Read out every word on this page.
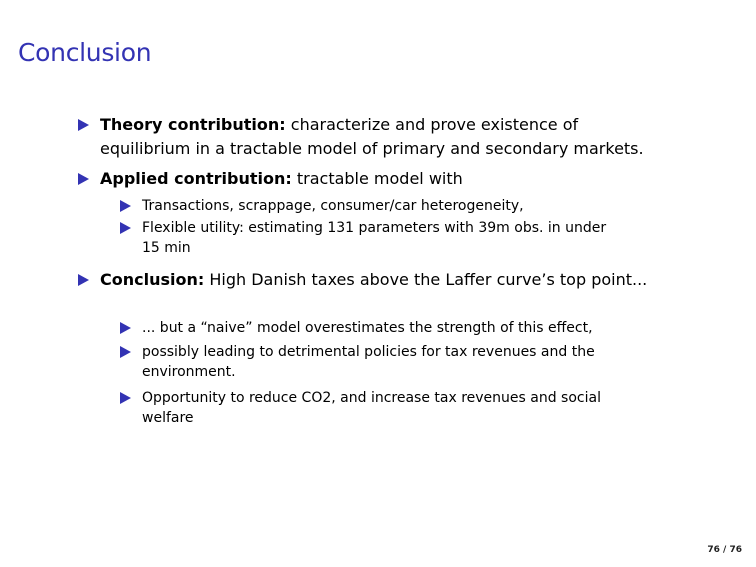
Conclusion
Theory contribution: characterize and prove existence of
equilibrium in a tractable model of primary and secondary markets.
Applied contribution: tractable model with
Transactions, scrappage, consumer/car heterogeneity,
Flexible utility: estimating 131 parameters with 39m obs. in under
15 min
Conclusion: High Danish taxes above the Laffer curve’s top point...
... but a “naive” model overestimates the strength of this effect,
possibly leading to detrimental policies for tax revenues and the
environment.
Opportunity to reduce CO2, and increase tax revenues and social
welfare
76 / 76
